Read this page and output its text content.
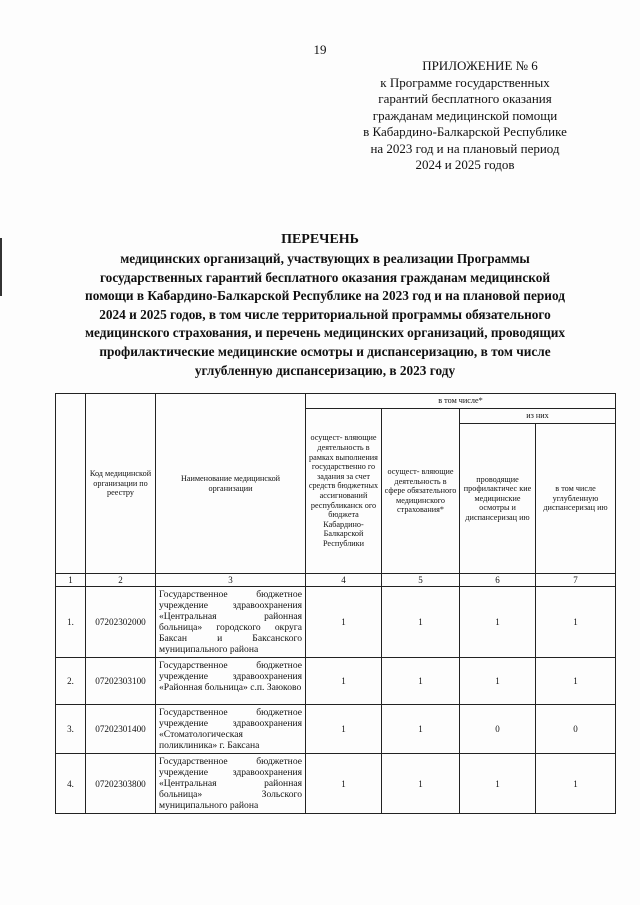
19
ПРИЛОЖЕНИЕ № 6
к Программе государственных
гарантий бесплатного оказания
гражданам медицинской помощи
в Кабардино-Балкарской Республике
на 2023 год и на плановый период
2024 и 2025 годов
ПЕРЕЧЕНЬ
медицинских организаций, участвующих в реализации Программы
государственных гарантий бесплатного оказания гражданам медицинской
помощи в Кабардино-Балкарской Республике на 2023 год и на плановой период
2024 и 2025 годов, в том числе территориальной программы обязательного
медицинского страхования, и перечень медицинских организаций, проводящих
профилактические медицинские осмотры и диспансеризацию, в том числе
углубленную диспансеризацию, в 2023 году
	Код медицинской организации по реестру	Наименование медицинской организации	в том числе*			
			осущест- вляющие деятельность в рамках выполнения государственно го задания за счет средств бюджетных ассигнований республиканск ого бюджета Кабардино- Балкарской Республики	осущест- вляющие деятельность в сфере обязательного медицинского страхования*	из них	
					проводящие профилактичес кие медицинские осмотры и диспансеризац ию	в том числе углубленную диспансеризац ию
1	2	3	4	5	6	7
1.	07202302000	Государственное бюджетное учреждение здравоохранения «Центральная районная больница» городского округа Баксан и Баксанского муниципального района	1	1	1	1
2.	07202303100	Государственное бюджетное учреждение здравоохранения «Районная больница» с.п. Заюково	1	1	1	1
3.	07202301400	Государственное бюджетное учреждение здравоохранения «Стоматологическая поликлиника» г. Баксана	1	1	0	0
4.	07202303800	Государственное бюджетное учреждение здравоохранения «Центральная районная больница» Зольского муниципального района	1	1	1	1
